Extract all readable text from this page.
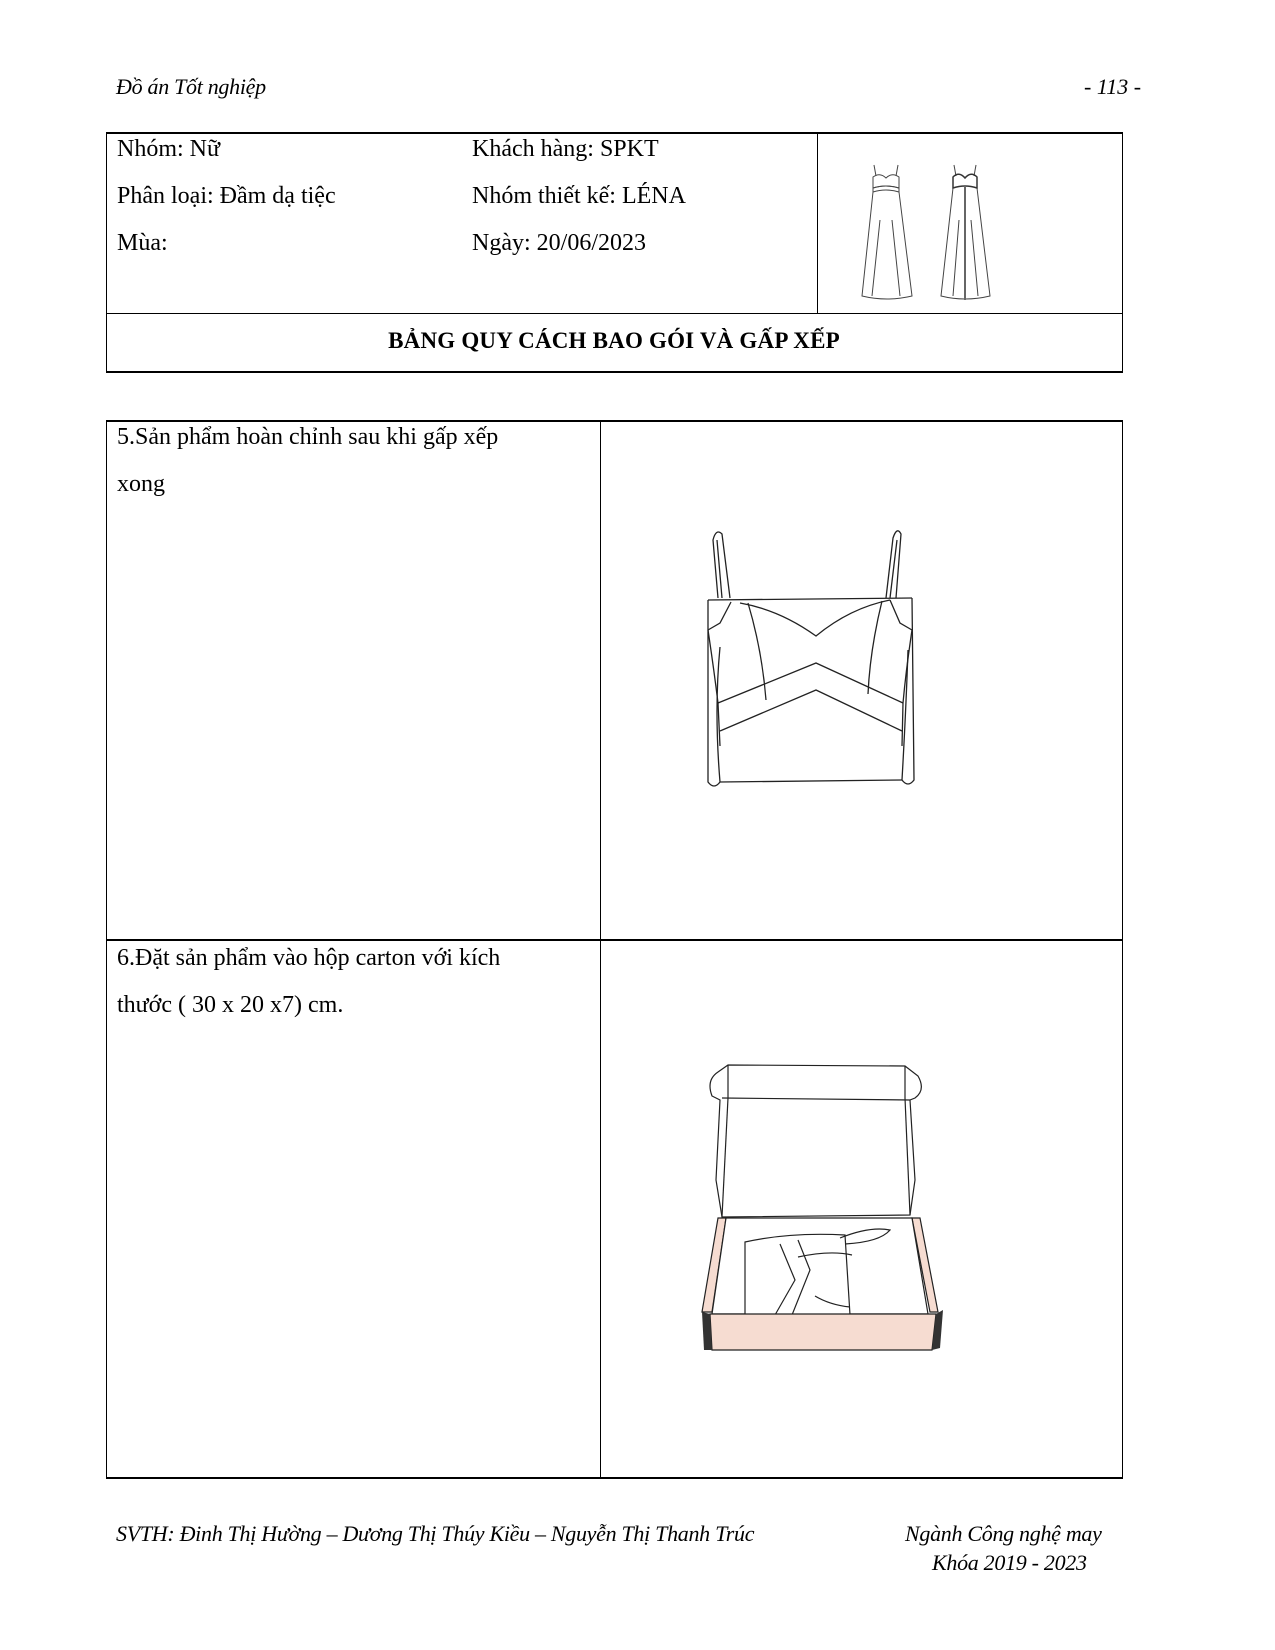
Đồ án Tốt nghiệp	- 113 -
Nhóm: Nữ
Phân loại: Đầm dạ tiệc
Mùa:
Khách hàng: SPKT
Nhóm thiết kế: LÉNA
Ngày: 20/06/2023
BẢNG QUY CÁCH BAO GÓI VÀ GẤP XẾP
5.Sản phẩm hoàn chỉnh sau khi gấp xếp
xong
6.Đặt sản phẩm vào hộp carton với kích
thước ( 30 x 20 x7) cm.
SVTH: Đinh Thị Hường – Dương Thị Thúy Kiều – Nguyễn Thị Thanh Trúc	Ngành Công nghệ may
Khóa 2019 - 2023
